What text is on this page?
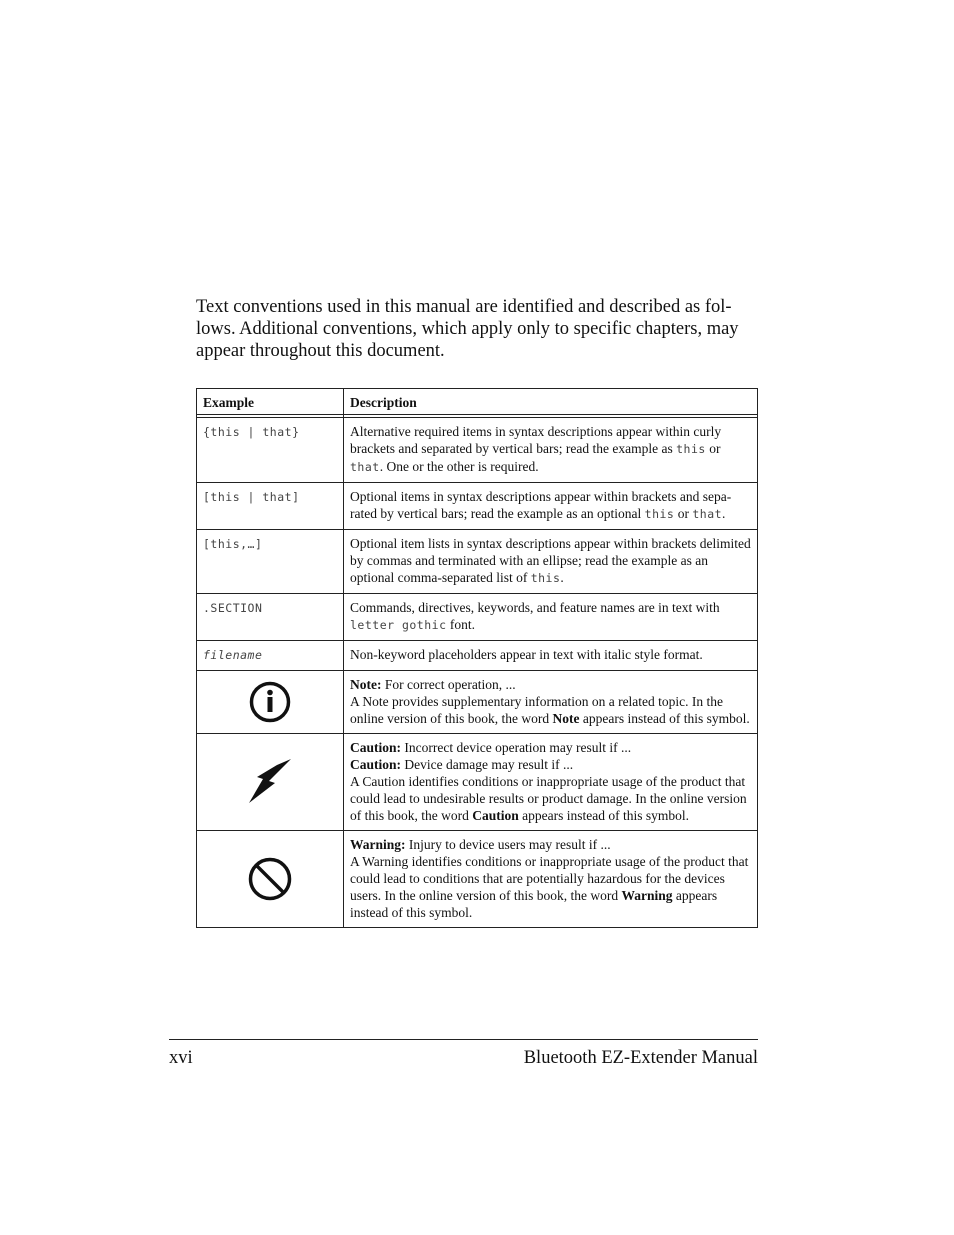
Text conventions used in this manual are identified and described as fol-lows. Additional conventions, which apply only to specific chapters, may appear throughout this document.

Example	Description

{this | that}	Alternative required items in syntax descriptions appear within curly brackets and separated by vertical bars; read the example as this or that. One or the other is required.
[this | that]	Optional items in syntax descriptions appear within brackets and sepa-rated by vertical bars; read the example as an optional this or that.
[this,…]	Optional item lists in syntax descriptions appear within brackets delimited by commas and terminated with an ellipse; read the example as an optional comma-separated list of this.
.SECTION	Commands, directives, keywords, and feature names are in text with letter gothic font.
filename	Non-keyword placeholders appear in text with italic style format.

	Note: For correct operation, ...
A Note provides supplementary information on a related topic. In the online version of this book, the word Note appears instead of this symbol.

	Caution: Incorrect device operation may result if ...
Caution: Device damage may result if ...
A Caution identifies conditions or inappropriate usage of the product that could lead to undesirable results or product damage. In the online version of this book, the word Caution appears instead of this symbol.

	Warning: Injury to device users may result if ...
A Warning identifies conditions or inappropriate usage of the product that could lead to conditions that are potentially hazardous for the devices users. In the online version of this book, the word Warning appears instead of this symbol.
xvi	Bluetooth EZ-Extender Manual
